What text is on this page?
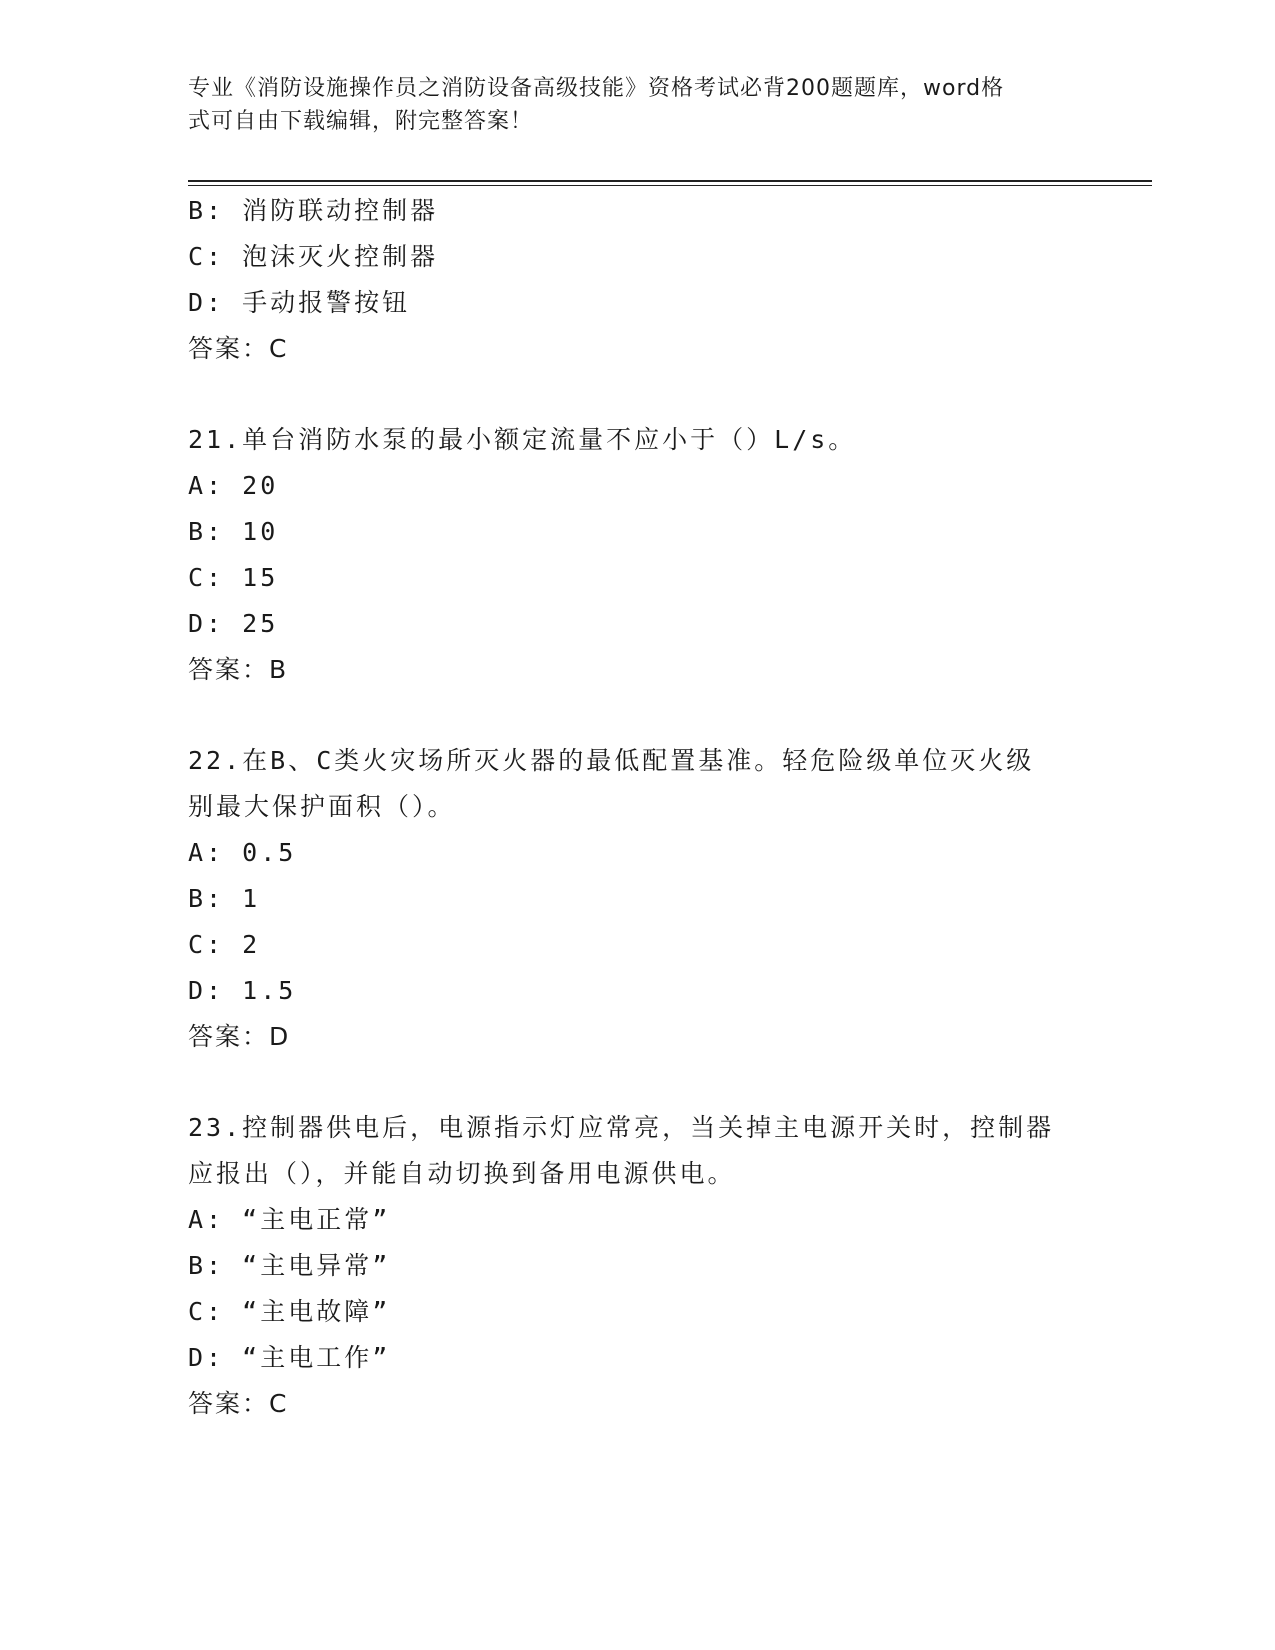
专业《消防设施操作员之消防设备高级技能》资格考试必背200题题库，word格
式可自由下载编辑，附完整答案！
B: 消防联动控制器
C: 泡沫灭火控制器
D: 手动报警按钮
答案：C
21.单台消防水泵的最小额定流量不应小于（）L/s。
A: 20
B: 10
C: 15
D: 25
答案：B
22.在B、C类火灾场所灭火器的最低配置基准。轻危险级单位灭火级
别最大保护面积（）。
A: 0.5
B: 1
C: 2
D: 1.5
答案：D
23.控制器供电后，电源指示灯应常亮，当关掉主电源开关时，控制器
应报出（），并能自动切换到备用电源供电。
A: “主电正常”
B: “主电异常”
C: “主电故障”
D: “主电工作”
答案：C
